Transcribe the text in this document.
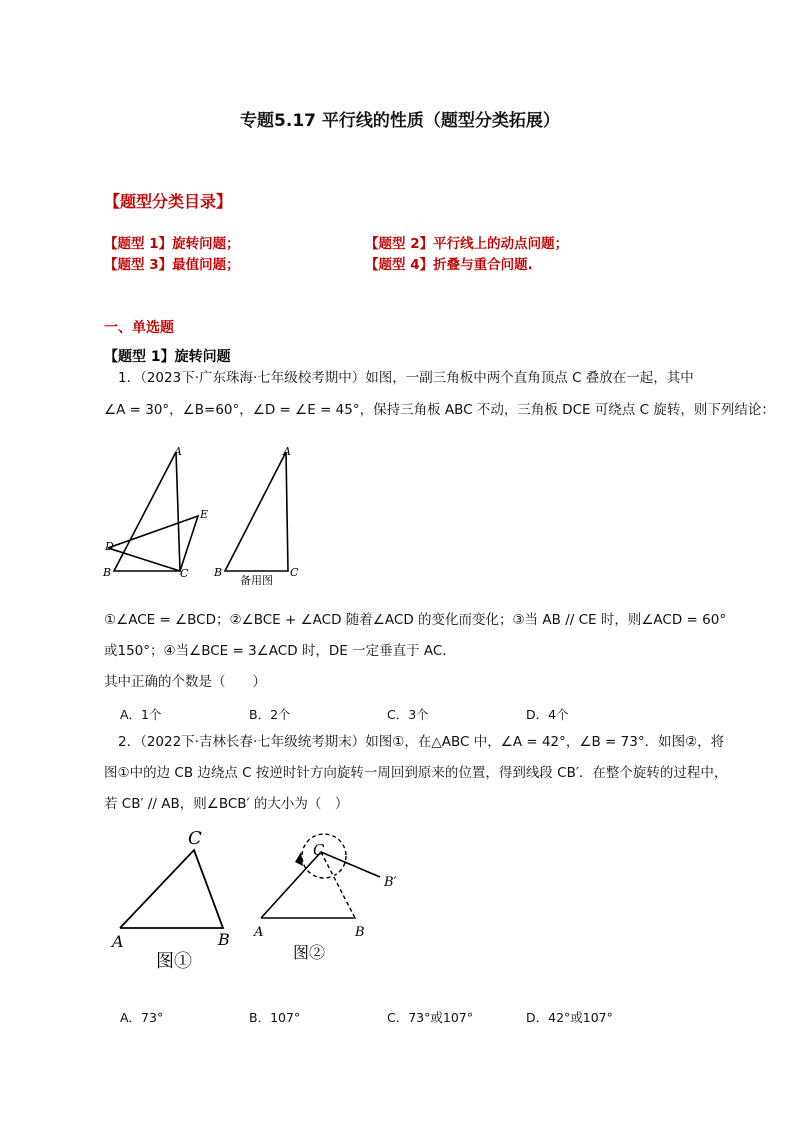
专题5.17 平行线的性质（题型分类拓展）
【题型分类目录】
【题型 1】旋转问题；	【题型 2】平行线上的动点问题；
【题型 3】最值问题；	【题型 4】折叠与重合问题.
一、单选题
【题型 1】旋转问题
1．（2023下·广东珠海·七年级校考期中）如图，一副三角板中两个直角顶点 C 叠放在一起，其中
∠A = 30°，∠B=60°，∠D = ∠E = 45°，保持三角板 ABC 不动，三角板 DCE 可绕点 C 旋转，则下列结论：
A
E
D
B	C
A
B	C
备用图
①∠ACE = ∠BCD；②∠BCE + ∠ACD 随着∠ACD 的变化而变化；③当 AB // CE 时，则∠ACD = 60°
或150°；④当∠BCE = 3∠ACD 时，DE 一定垂直于 AC．
其中正确的个数是（　　）
A．1个	B．2个	C．3个	D．4个
2．（2022下·吉林长春·七年级统考期末）如图①，在△ABC 中，∠A = 42°，∠B = 73°．如图②，将
图①中的边 CB 边绕点 C 按逆时针方向旋转一周回到原来的位置，得到线段 CB′．在整个旋转的过程中，
若 CB′ // AB，则∠BCB′ 的大小为（　）
C
A	B
图①
C
B′
A	B
图②
A．73°	B．107°	C．73°或107°	D．42°或107°
